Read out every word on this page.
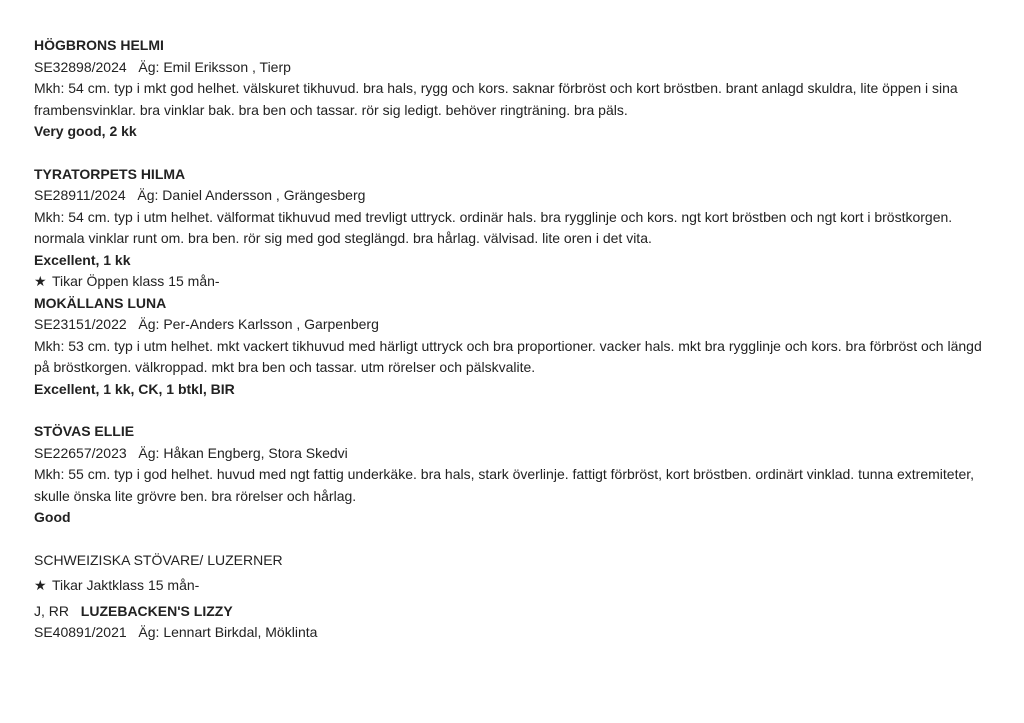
HÖGBRONS HELMI
SE32898/2024 Äg: Emil Eriksson , Tierp
Mkh: 54 cm. typ i mkt god helhet. välskuret tikhuvud. bra hals, rygg och kors. saknar förbröst och kort bröstben. brant anlagd skuldra, lite öppen i sina frambensvinklar. bra vinklar bak. bra ben och tassar. rör sig ledigt. behöver ringträning. bra päls.
Very good, 2 kk
TYRATORPETS HILMA
SE28911/2024 Äg: Daniel Andersson , Grängesberg
Mkh: 54 cm. typ i utm helhet. välformat tikhuvud med trevligt uttryck. ordinär hals. bra rygglinje och kors. ngt kort bröstben och ngt kort i bröstkorgen. normala vinklar runt om. bra ben. rör sig med god steglängd. bra hårlag. välvisad. lite oren i det vita.
Excellent, 1 kk
★ Tikar Öppen klass 15 mån-
MOKÄLLANS LUNA
SE23151/2022 Äg: Per-Anders Karlsson , Garpenberg
Mkh: 53 cm. typ i utm helhet. mkt vackert tikhuvud med härligt uttryck och bra proportioner. vacker hals. mkt bra rygglinje och kors. bra förbröst och längd på bröstkorgen. välkroppad. mkt bra ben och tassar. utm rörelser och pälskvalite.
Excellent, 1 kk, CK, 1 btkl, BIR
STÖVAS ELLIE
SE22657/2023 Äg: Håkan Engberg, Stora Skedvi
Mkh: 55 cm. typ i god helhet. huvud med ngt fattig underkäke. bra hals, stark överlinje. fattigt förbröst, kort bröstben. ordinärt vinklad. tunna extremiteter, skulle önska lite grövre ben. bra rörelser och hårlag.
Good
SCHWEIZISKA STÖVARE/ LUZERNER
★ Tikar Jaktklass 15 mån-
J, RR LUZEBACKEN'S LIZZY
SE40891/2021 Äg: Lennart Birkdal, Möklinta
